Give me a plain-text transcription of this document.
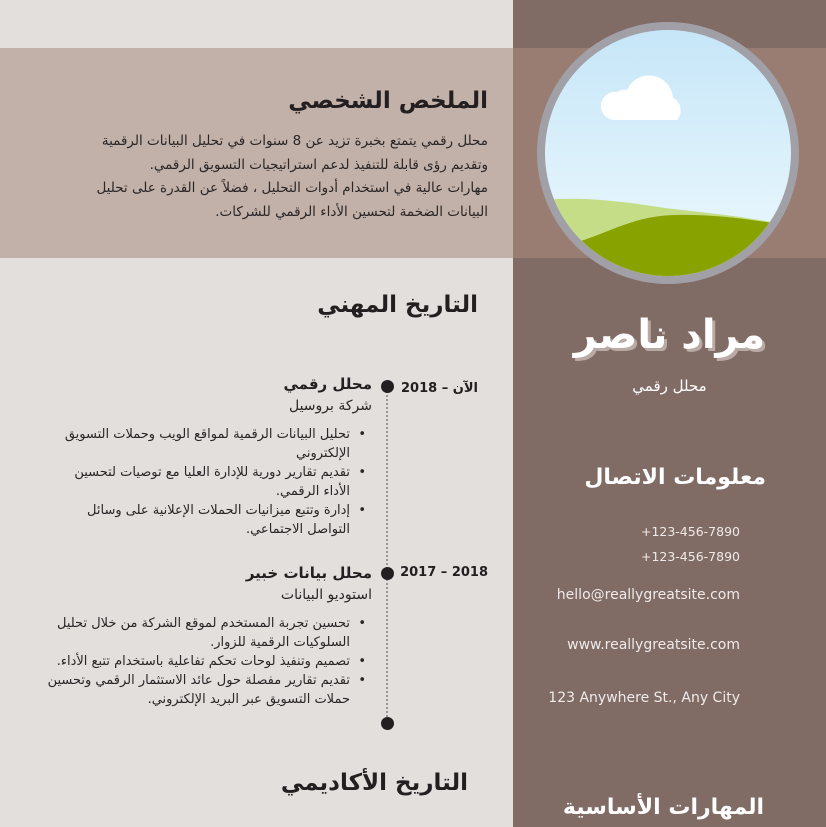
الملخص الشخصي
محلل رقمي يتمتع بخبرة تزيد عن 8 سنوات في تحليل البيانات الرقمية
وتقديم رؤى قابلة للتنفيذ لدعم استراتيجيات التسويق الرقمي.
مهارات عالية في استخدام أدوات التحليل ، فضلاً عن القدرة على تحليل
البيانات الضخمة لتحسين الأداء الرقمي للشركات.
التاريخ المهني
الآن – 2018
محلل رقمي
شركة بروسيل
• تحليل البيانات الرقمية لمواقع الويب وحملات التسويق الإلكتروني
• تقديم تقارير دورية للإدارة العليا مع توصيات لتحسين الأداء الرقمي.
• إدارة وتتبع ميزانيات الحملات الإعلانية على وسائل التواصل الاجتماعي.
2018 – 2017
محلل بيانات خبير
استوديو البيانات
• تحسين تجربة المستخدم لموقع الشركة من خلال تحليل السلوكيات الرقمية للزوار.
• تصميم وتنفيذ لوحات تحكم تفاعلية باستخدام تتبع الأداء.
• تقديم تقارير مفصلة حول عائد الاستثمار الرقمي وتحسين حملات التسويق عبر البريد الإلكتروني.
التاريخ الأكاديمي
مراد ناصر
محلل رقمي
معلومات الاتصال
+123-456-7890
+123-456-7890
hello@reallygreatsite.com
www.reallygreatsite.com
123 Anywhere St., Any City
المهارات الأساسية
